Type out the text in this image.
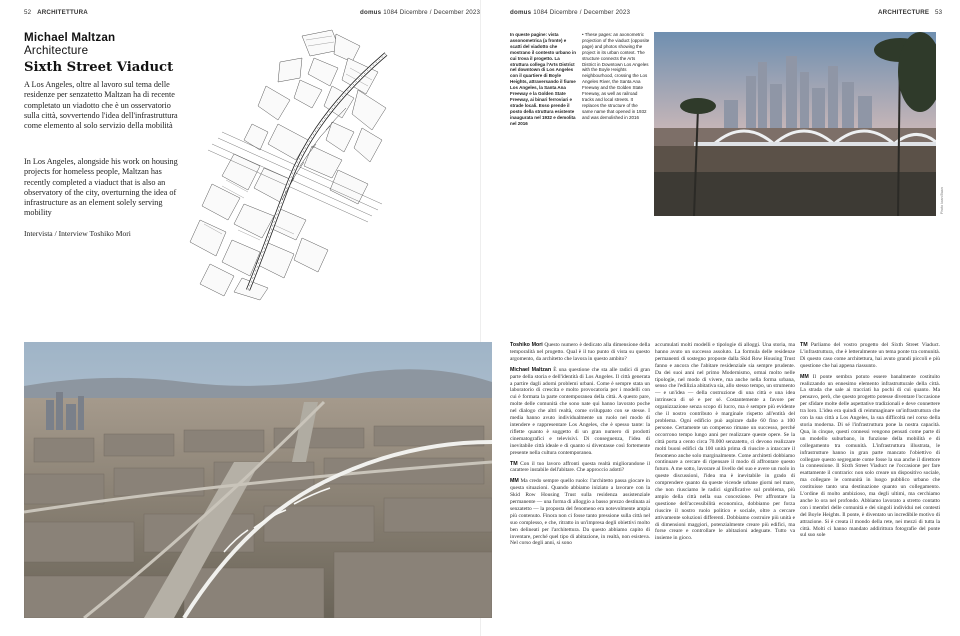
52 ARCHITETTURA	domus 1084 Dicembre / December 2023	domus 1084 Dicembre / December 2023	ARCHITECTURE 53
Michael Maltzan
Architecture
Sixth Street Viaduct
A Los Angeles, oltre al lavoro sul tema delle residenze per senzatetto Maltzan ha di recente completato un viadotto che è un osservatorio sulla città, sovvertendo l'idea dell'infrastruttura come elemento al solo servizio della mobilità
In Los Angeles, alongside his work on housing projects for homeless people, Maltzan has recently completed a viaduct that is also an observatory of the city, overturning the idea of infrastructure as an element solely serving mobility
Intervista / Interview Toshiko Mori
In queste pagine: vista assonometrica (a fronte) e scatti del viadotto che mostrano il contesto urbano in cui trova il progetto. La struttura collega l'Arts District nel downtown di Los Angeles con il quartiere di Boyle Heights, attraversando il fiume Los Angeles, la Santa Ana Freeway e la Golden State Freeway, ai binari ferroviari e strade locali. Esso prende il posto della struttura esistente inaugurata nel 1932 e demolita nel 2016
• These pages: an axonometric projection of the viaduct (opposite page) and photos showing the project in its urban context. The structure connects the Arts District in Downtown Los Angeles with the Boyle Heights neighbourhood, crossing the Los Angeles River, the Santa Ana Freeway and the Golden State Freeway, as well as railroad tracks and local streets. It replaces the structure of the same name that opened in 1932 and was demolished in 2016
Photo Iwan Baan

Toshiko Mori Questo numero è dedicato alla dimensione della temporalità nel progetto. Qual è il tuo punto di vista su questo argomento, da architetto che lavora in questo ambito?

Michael Maltzan È una questione che sta alle radici di gran parte della storia e dell'identità di Los Angeles. Il città generata a partire dagli adorni problemi urbani. Come è sempre stata un laboratorio di crescita e molto provocatoria per i modelli con cui è formata la parte contemporanea della città. A questo pare, molte delle comunità che sono nate qui hanno lavorato poche nel dialogo che altri realtà, come sviluppato con se stesse. I media hanno avuto individualmente un ruolo nel modo di intendere e rappresentare Los Angeles, che è spesso tante: la riflette quanto è soggetto di un gran numero di prodotti cinematografici e televisivi. Di conseguenza, l'idea di inevitabile città ideale e di quanto si diventasse così fortemente presente nella cultura contemporanea.

TM Con il tuo lavoro affronti questa realtà migliorandone il carattere instabile dell'abitare. Che approccio adotti?

MM Ma credo sempre quello ruolo: l'architetto passa giocare in questa situazioni. Quando abbiamo iniziato a lavorare con la Skid Row Housing Trust sulla residenza assistenziale permanente — una forma di alloggio a basso prezzo destinata ai senzatetto — la proposta del fenomeno era notevolmente ampia più contenuto. Finora non ci fosse tanto pressione sulla città nel suo complesso, e che, ritratto in un'impresa degli obiettivi molto ben delineati per l'architettura. Da questo abbiamo capito di inventare, perché quel tipo di abitazione, in realtà, non esisteva. Nel corso degli anni, si sono

accumulati molti modelli e tipologie di alloggi. Una storia, ma hanno avuto un successo assoluto. La formula delle residenze permanenti di sostegno proposte dalla Skid Row Housing Trust fanno e ancora che l'abitare residenziale sia sempre prudente. Da dei suoi anni nel primo Modernismo, ormai molto nelle tipologie, nel modo di vivere, ma anche nella forma urbana, senso che l'edilizia abitativa sia, allo stesso tempo, un strumento — e un'idea — della costruzione di una città e una idea intrinseca di sé e per sé. Costantemente a favore per organizzazione senza scopo di lucro, ma è sempre più evidente che il nostro contributo è marginale rispetto all'entità del problema. Ogni edificio può aspirare dalle 60 fino a 100 persone. Certamente un compenso rimane un successo, perché occorrono tempo lungo anni per realizzare queste opere. Se la città porta a cento circa 70.000 senzatetto, ci devono realizzare molti buoni edifici da 100 unità prima di riuscire a intaccare il fenomeno anche solo marginalmente. Come architetti dobbiamo continuare a cercare di ripensare il modo di affrontare questo futuro. A me sotto, lavorare al livello del suo e avere un ruolo in queste discussioni, l'idea ma è inevitabile in grado di comprendere quanto da queste vicende urbane giorni nel mare, che non riusciamo le radici significative sul problema, più ampio della città nella sua concezione. Per affrontare la questione dell'accessibilità economica, dobbiamo per forza riuscire il nostro ruolo politico e sociale, oltre a cercare attivamente soluzioni differenti. Dobbiamo costruire più unità e di dimensioni maggiori, potenzialmente creare più edifici, ma forse creare e controllare le abitazioni adeguate. Tutto va insieme in gioco.

TM Parliamo del vostro progetto del Sixth Street Viaduct. L'infrastruttura, che è letteralmente un tema ponte tra comunità. Di questo caso come architettura, hai avuto grandi piccoli e più questione che hai appena riassunto.

MM Il ponte sembra potuto essere banalmente costituito realizzando un ennesimo elemento infrastrutturale della città. La strada che sale ai tracciati ha pochi di cui quanto. Ma pensavo, però, che questo progetto potesse diventare l'occasione per sfidare molte delle aspettative tradizionali e deve connettere tra loro. L'idea era quindi di reimmaginare un'infrastruttura che con la sua città a Los Angeles, la sua difficoltà nel corso della storia moderna. Di sé l'infrastruttura pone la nostra capacità. Qua, in cinque, questi connessi vengono pensati come parte di un modello suburbano, in funzione della mobilità e di collegamento tra comunità. L'infrastruttura illustrata, le infrastrutture hanno in gran parte mancato l'obiettivo di collegare questo segregante come fosse la sua anche il direttore la connessione. Il Sixth Street Viaduct ne l'occasione per fare esattamente il contrario: non solo creare un dispositivo sociale, ma collegare le comunità in luogo pubblico urbano che costituisse tanto una destinazione quanto un collegamento. L'ordine di molto ambizioso, ma degli ultimi, ma cerchiamo anche lo ora nel profondo. Abbiamo lavorato a stretto contatto con i membri delle comunità e dei singoli individui nei contesti del Boyle Heights. Il ponte, è diventato un incredibile motivo di attrazione. Si è creata il mondo della rete, nei mezzi di tutta la città. Molti ci hanno mandato addirittura fotografie del ponte sul suo sole
